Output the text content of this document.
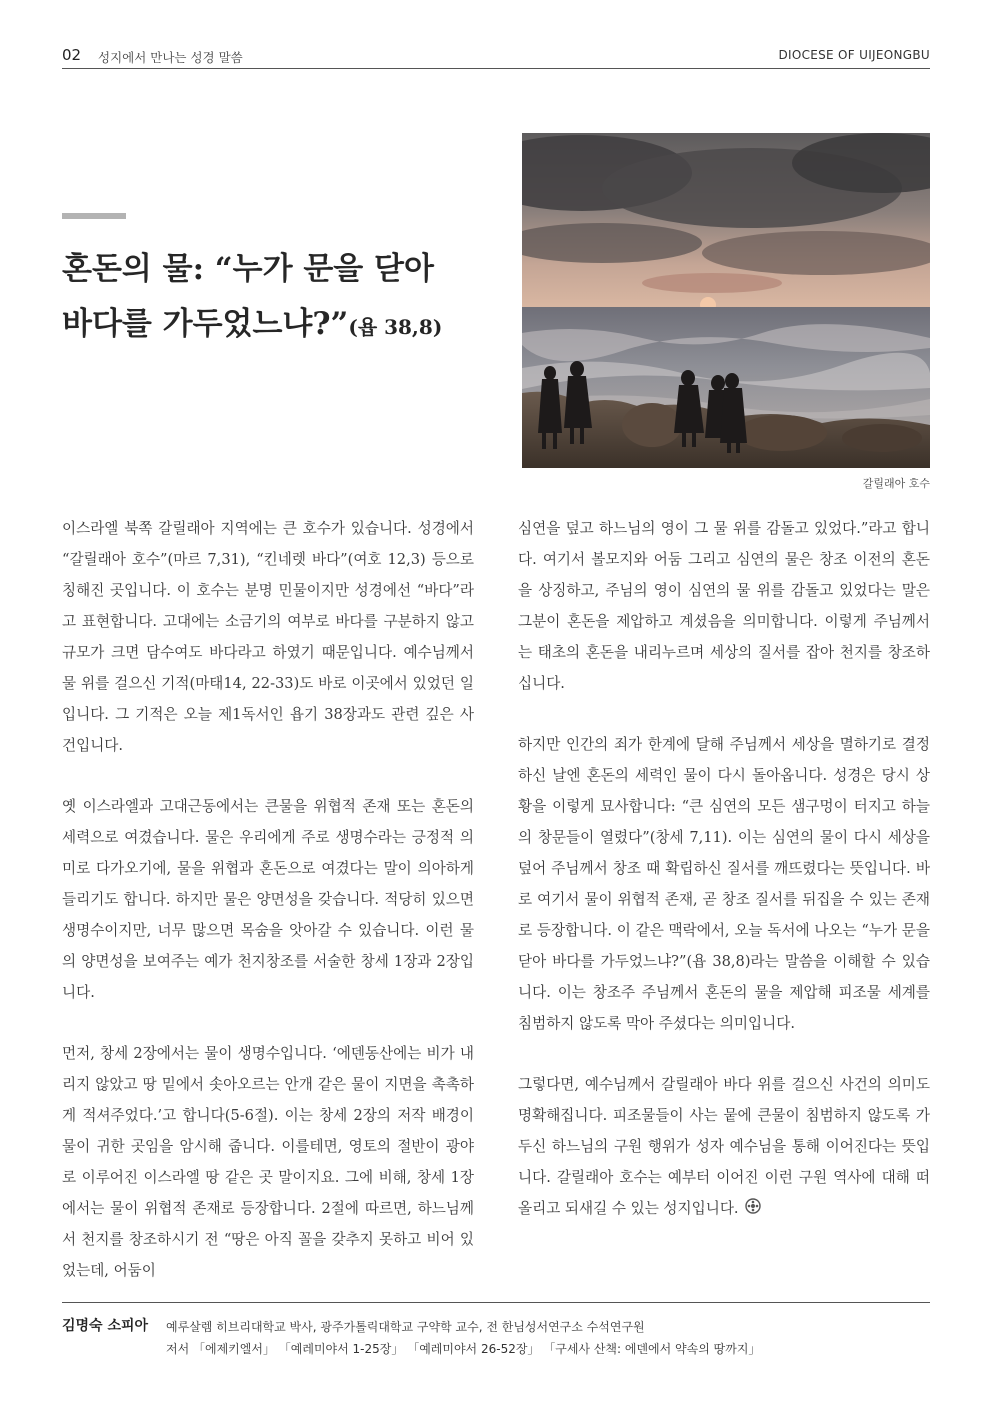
02 성지에서 만나는 성경 말씀	DIOCESE OF UIJEONGBU
혼돈의 물: “누가 문을 닫아
바다를 가두었느냐?”(욥 38,8)
갈릴래아 호수

이스라엘 북쪽 갈릴래아 지역에는 큰 호수가 있습니다. 성경에서 “갈릴래아 호수”(마르 7,31), “킨네렛 바다”(여호 12,3) 등으로 칭해진 곳입니다. 이 호수는 분명 민물이지만 성경에선 “바다”라고 표현합니다. 고대에는 소금기의 여부로 바다를 구분하지 않고 규모가 크면 담수여도 바다라고 하였기 때문입니다. 예수님께서 물 위를 걸으신 기적(마태14, 22-33)도 바로 이곳에서 있었던 일입니다. 그 기적은 오늘 제1독서인 욥기 38장과도 관련 깊은 사건입니다.

옛 이스라엘과 고대근동에서는 큰물을 위협적 존재 또는 혼돈의 세력으로 여겼습니다. 물은 우리에게 주로 생명수라는 긍정적 의미로 다가오기에, 물을 위협과 혼돈으로 여겼다는 말이 의아하게 들리기도 합니다. 하지만 물은 양면성을 갖습니다. 적당히 있으면 생명수이지만, 너무 많으면 목숨을 앗아갈 수 있습니다. 이런 물의 양면성을 보여주는 예가 천지창조를 서술한 창세 1장과 2장입니다.

먼저, 창세 2장에서는 물이 생명수입니다. ‘에덴동산에는 비가 내리지 않았고 땅 밑에서 솟아오르는 안개 같은 물이 지면을 촉촉하게 적셔주었다.’고 합니다(5-6절). 이는 창세 2장의 저작 배경이 물이 귀한 곳임을 암시해 줍니다. 이를테면, 영토의 절반이 광야로 이루어진 이스라엘 땅 같은 곳 말이지요. 그에 비해, 창세 1장에서는 물이 위협적 존재로 등장합니다. 2절에 따르면, 하느님께서 천지를 창조하시기 전 “땅은 아직 꼴을 갖추지 못하고 비어 있었는데, 어둠이

심연을 덮고 하느님의 영이 그 물 위를 감돌고 있었다.”라고 합니다. 여기서 볼모지와 어둠 그리고 심연의 물은 창조 이전의 혼돈을 상징하고, 주님의 영이 심연의 물 위를 감돌고 있었다는 말은 그분이 혼돈을 제압하고 계셨음을 의미합니다. 이렇게 주님께서는 태초의 혼돈을 내리누르며 세상의 질서를 잡아 천지를 창조하십니다.

하지만 인간의 죄가 한계에 달해 주님께서 세상을 멸하기로 결정하신 날엔 혼돈의 세력인 물이 다시 돌아옵니다. 성경은 당시 상황을 이렇게 묘사합니다: “큰 심연의 모든 샘구멍이 터지고 하늘의 창문들이 열렸다”(창세 7,11). 이는 심연의 물이 다시 세상을 덮어 주님께서 창조 때 확립하신 질서를 깨뜨렸다는 뜻입니다. 바로 여기서 물이 위협적 존재, 곧 창조 질서를 뒤집을 수 있는 존재로 등장합니다. 이 같은 맥락에서, 오늘 독서에 나오는 “누가 문을 닫아 바다를 가두었느냐?”(욥 38,8)라는 말씀을 이해할 수 있습니다. 이는 창조주 주님께서 혼돈의 물을 제압해 피조물 세계를 침범하지 않도록 막아 주셨다는 의미입니다.

그렇다면, 예수님께서 갈릴래아 바다 위를 걸으신 사건의 의미도 명확해집니다. 피조물들이 사는 뭍에 큰물이 침범하지 않도록 가두신 하느님의 구원 행위가 성자 예수님을 통해 이어진다는 뜻입니다. 갈릴래아 호수는 예부터 이어진 이런 구원 역사에 대해 떠올리고 되새길 수 있는 성지입니다.

김명숙 소피아 예루살렘 히브리대학교 박사, 광주가톨릭대학교 구약학 교수, 전 한님성서연구소 수석연구원
저서 「에제키엘서」 「예레미야서 1-25장」 「예레미야서 26-52장」 「구세사 산책: 에덴에서 약속의 땅까지」
